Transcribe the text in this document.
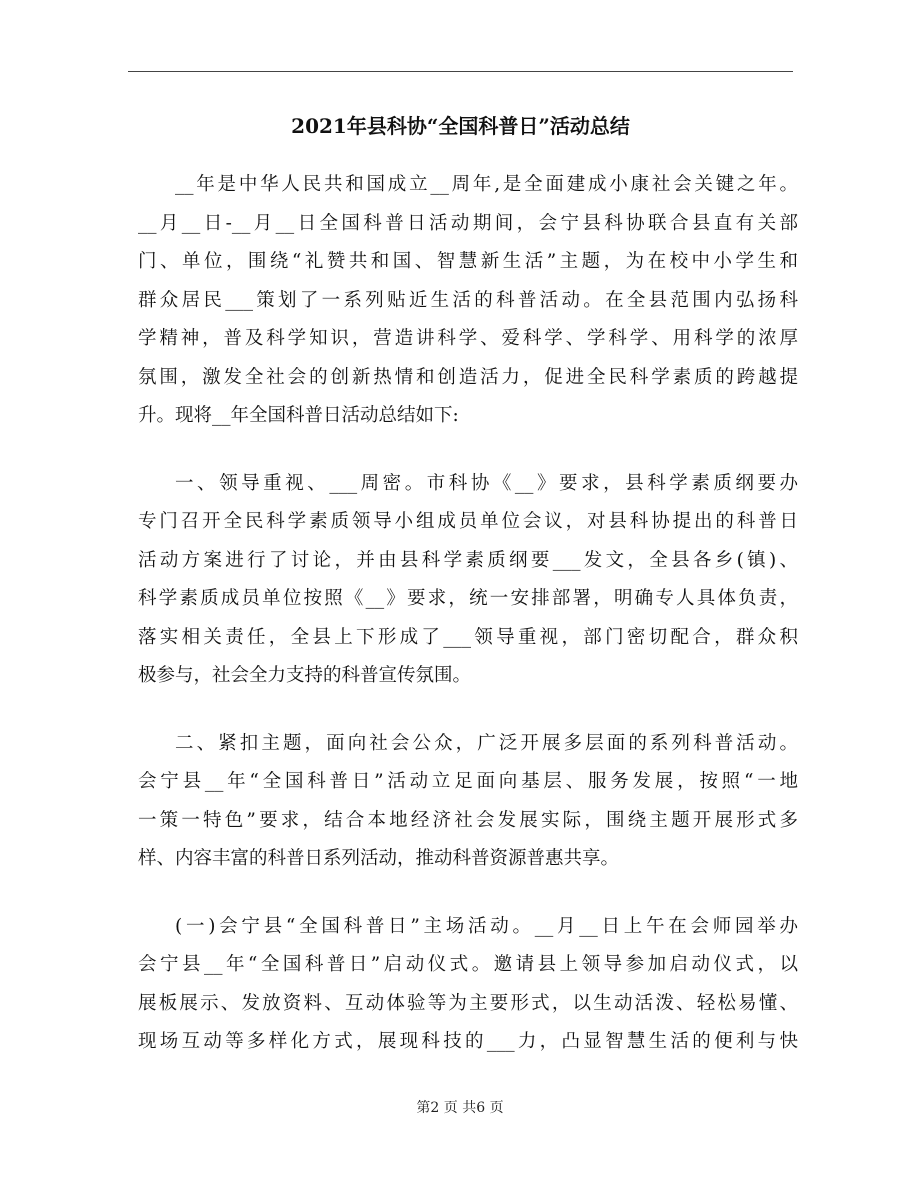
2021年县科协“全国科普日”活动总结

__年是中华人民共和国成立__周年,是全面建成小康社会关键之年。
__月__日-__月__日全国科普日活动期间，会宁县科协联合县直有关部
门、单位，围绕“礼赞共和国、智慧新生活”主题，为在校中小学生和
群众居民___策划了一系列贴近生活的科普活动。在全县范围内弘扬科
学精神，普及科学知识，营造讲科学、爱科学、学科学、用科学的浓厚
氛围，激发全社会的创新热情和创造活力，促进全民科学素质的跨越提
升。现将__年全国科普日活动总结如下:

一、领导重视、___周密。市科协《__》要求，县科学素质纲要办
专门召开全民科学素质领导小组成员单位会议，对县科协提出的科普日
活动方案进行了讨论，并由县科学素质纲要___发文，全县各乡(镇)、
科学素质成员单位按照《__》要求，统一安排部署，明确专人具体负责，
落实相关责任，全县上下形成了___领导重视，部门密切配合，群众积
极参与，社会全力支持的科普宣传氛围。

二、紧扣主题，面向社会公众，广泛开展多层面的系列科普活动。
会宁县__年“全国科普日”活动立足面向基层、服务发展，按照“一地
一策一特色”要求，结合本地经济社会发展实际，围绕主题开展形式多
样、内容丰富的科普日系列活动，推动科普资源普惠共享。

(一)会宁县“全国科普日”主场活动。__月__日上午在会师园举办
会宁县__年“全国科普日”启动仪式。邀请县上领导参加启动仪式，以
展板展示、发放资料、互动体验等为主要形式，以生动活泼、轻松易懂、
现场互动等多样化方式，展现科技的___力，凸显智慧生活的便利与快

第2 页 共6 页
